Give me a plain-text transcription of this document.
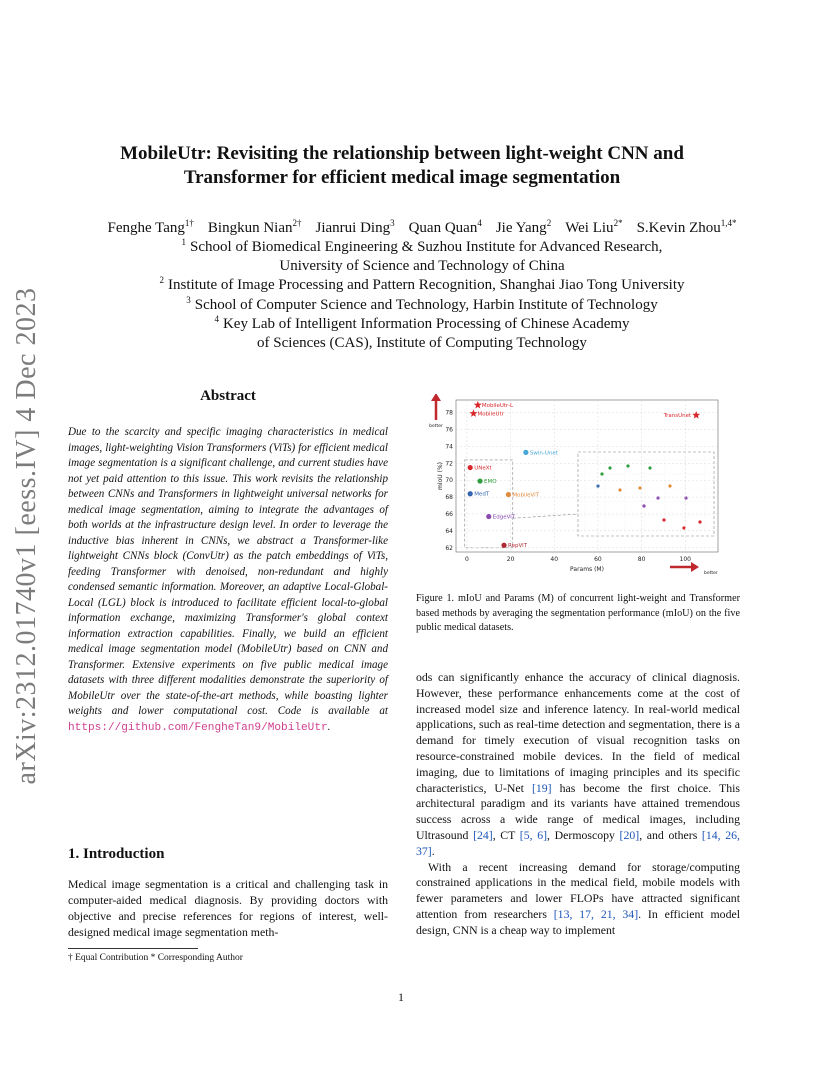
arXiv:2312.01740v1 [eess.IV] 4 Dec 2023
MobileUtr: Revisiting the relationship between light-weight CNN and
Transformer for efficient medical image segmentation
Fenghe Tang$^{1\dagger}$ Bingkun Nian$^{2\dagger}$ Jianrui Ding$^3$ Quan Quan$^4$ Jie Yang$^2$ Wei Liu$^{2*}$ S.Kevin Zhou$^{1,4*}$
$^1$ School of Biomedical Engineering & Suzhou Institute for Advanced Research,
University of Science and Technology of China
$^2$ Institute of Image Processing and Pattern Recognition, Shanghai Jiao Tong University
$^3$ School of Computer Science and Technology, Harbin Institute of Technology
$^4$ Key Lab of Intelligent Information Processing of Chinese Academy
of Sciences (CAS), Institute of Computing Technology
Abstract

Due to the scarcity and specific imaging characteristics in medical images, light-weighting Vision Transformers (ViTs) for efficient medical image segmentation is a significant challenge, and current studies have not yet paid attention to this issue. This work revisits the relationship between CNNs and Transformers in lightweight universal networks for medical image segmentation, aiming to integrate the advantages of both worlds at the infrastructure design level. In order to leverage the inductive bias inherent in CNNs, we abstract a Transformer-like lightweight CNNs block (ConvUtr) as the patch embeddings of ViTs, feeding Transformer with denoised, non-redundant and highly condensed semantic information. Moreover, an adaptive Local-Global-Local (LGL) block is introduced to facilitate efficient local-to-global information exchange, maximizing Transformer's global context information extraction capabilities. Finally, we build an efficient medical image segmentation model (MobileUtr) based on CNN and Transformer. Extensive experiments on five public medical image datasets with three different modalities demonstrate the superiority of MobileUtr over the state-of-the-art methods, while boasting lighter weights and lower computational cost. Code is available at https://github.com/FengheTan9/MobileUtr.

1. Introduction
Medical image segmentation is a critical and challenging task in computer-aided medical diagnosis. By providing doctors with objective and precise references for regions of interest, well-designed medical image segmentation meth-
† Equal Contribution * Corresponding Author
Params (M)
mIoU (%)
better
better
0	20	40	60	80	100
62
64
66
68
70
72
74
76
78
MobileUtr-L
MobileUtr	TransUnet
Swin-Unet
UNeXt
EMO
MedT	MobileViT
EdgeViT
RepViT
Figure 1. mIoU and Params (M) of concurrent light-weight and Transformer based methods by averaging the segmentation performance (mIoU) on the five public medical datasets.

ods can significantly enhance the accuracy of clinical diagnosis. However, these performance enhancements come at the cost of increased model size and inference latency. In real-world medical applications, such as real-time detection and segmentation, there is a demand for timely execution of visual recognition tasks on resource-constrained mobile devices. In the field of medical imaging, due to limitations of imaging principles and its specific characteristics, U-Net [19] has become the first choice. This architectural paradigm and its variants have attained tremendous success across a wide range of medical images, including Ultrasound [24], CT [5, 6], Dermoscopy [20], and others [14, 26, 37].

With a recent increasing demand for storage/computing constrained applications in the medical field, mobile models with fewer parameters and lower FLOPs have attracted significant attention from researchers [13, 17, 21, 34]. In efficient model design, CNN is a cheap way to implement

1
